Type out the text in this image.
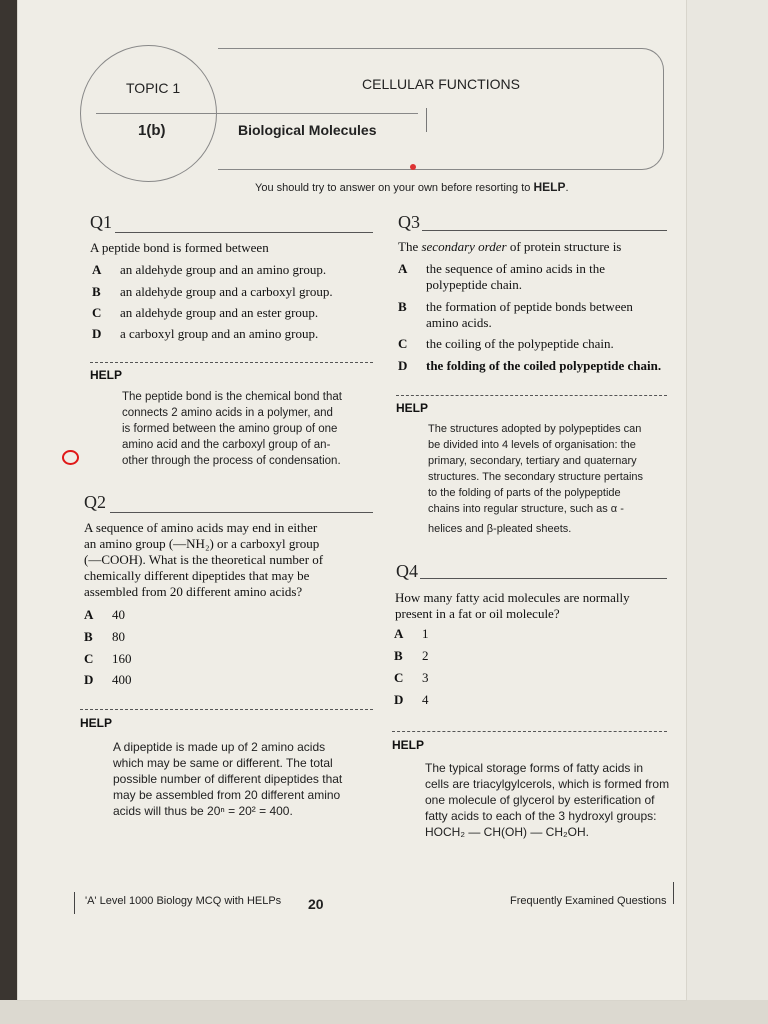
TOPIC 1
1(b)
CELLULAR FUNCTIONS
Biological Molecules
You should try to answer on your own before resorting to HELP.
Q1
A peptide bond is formed between
A an aldehyde group and an amino group.
B an aldehyde group and a carboxyl group.
C an aldehyde group and an ester group.
D a carboxyl group and an amino group.
HELP
The peptide bond is the chemical bond that
connects 2 amino acids in a polymer, and
is formed between the amino group of one
amino acid and the carboxyl group of an-
other through the process of condensation.
Q2
A sequence of amino acids may end in either
an amino group (—NH₂) or a carboxyl group
(—COOH). What is the theoretical number of
chemically different dipeptides that may be
assembled from 20 different amino acids?
A 40
B 80
C 160
D 400
HELP
A dipeptide is made up of 2 amino acids
which may be same or different. The total
possible number of different dipeptides that
may be assembled from 20 different amino
acids will thus be 20ⁿ = 20² = 400.
Q3
The secondary order of protein structure is
A the sequence of amino acids in the
polypeptide chain.
B the formation of peptide bonds between
amino acids.
C the coiling of the polypeptide chain.
D the folding of the coiled polypeptide chain.
HELP
The structures adopted by polypeptides can
be divided into 4 levels of organisation: the
primary, secondary, tertiary and quaternary
structures. The secondary structure pertains
to the folding of parts of the polypeptide
chains into regular structure, such as α -
helices and β-pleated sheets.
Q4
How many fatty acid molecules are normally
present in a fat or oil molecule?
A 1
B 2
C 3
D 4
HELP
The typical storage forms of fatty acids in
cells are triacylgylcerols, which is formed from
one molecule of glycerol by esterification of
fatty acids to each of the 3 hydroxyl groups:
HOCH₂ — CH(OH) — CH₂OH.
'A' Level 1000 Biology MCQ with HELPs 20	Frequently Examined Questions
